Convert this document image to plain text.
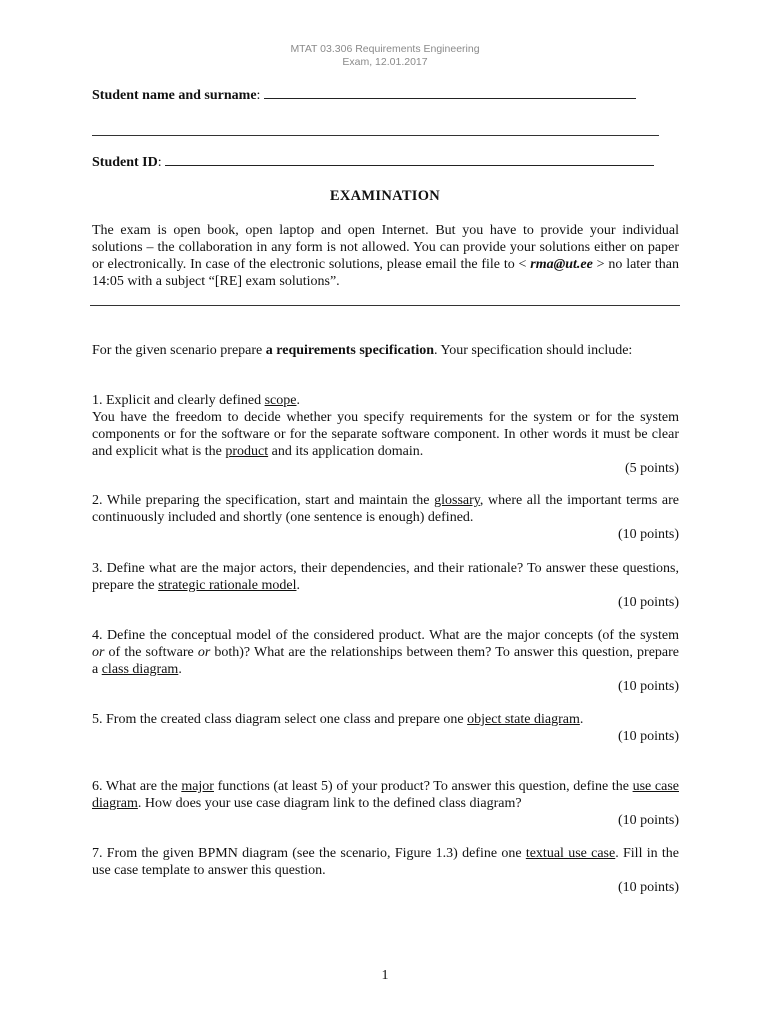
MTAT 03.306 Requirements Engineering
Exam, 12.01.2017
Student name and surname:
Student ID:
EXAMINATION
The exam is open book, open laptop and open Internet. But you have to provide your individual solutions – the collaboration in any form is not allowed. You can provide your solutions either on paper or electronically. In case of the electronic solutions, please email the file to < rma@ut.ee > no later than 14:05 with a subject “[RE] exam solutions”.
For the given scenario prepare a requirements specification. Your specification should include:
1. Explicit and clearly defined scope.
You have the freedom to decide whether you specify requirements for the system or for the system components or for the software or for the separate software component. In other words it must be clear and explicit what is the product and its application domain.
(5 points)
2. While preparing the specification, start and maintain the glossary, where all the important terms are continuously included and shortly (one sentence is enough) defined.
(10 points)
3. Define what are the major actors, their dependencies, and their rationale? To answer these questions, prepare the strategic rationale model.
(10 points)
4. Define the conceptual model of the considered product. What are the major concepts (of the system or of the software or both)? What are the relationships between them? To answer this question, prepare a class diagram.
(10 points)
5. From the created class diagram select one class and prepare one object state diagram.
(10 points)
6. What are the major functions (at least 5) of your product? To answer this question, define the use case diagram. How does your use case diagram link to the defined class diagram?
(10 points)
7. From the given BPMN diagram (see the scenario, Figure 1.3) define one textual use case. Fill in the use case template to answer this question.
(10 points)
1
